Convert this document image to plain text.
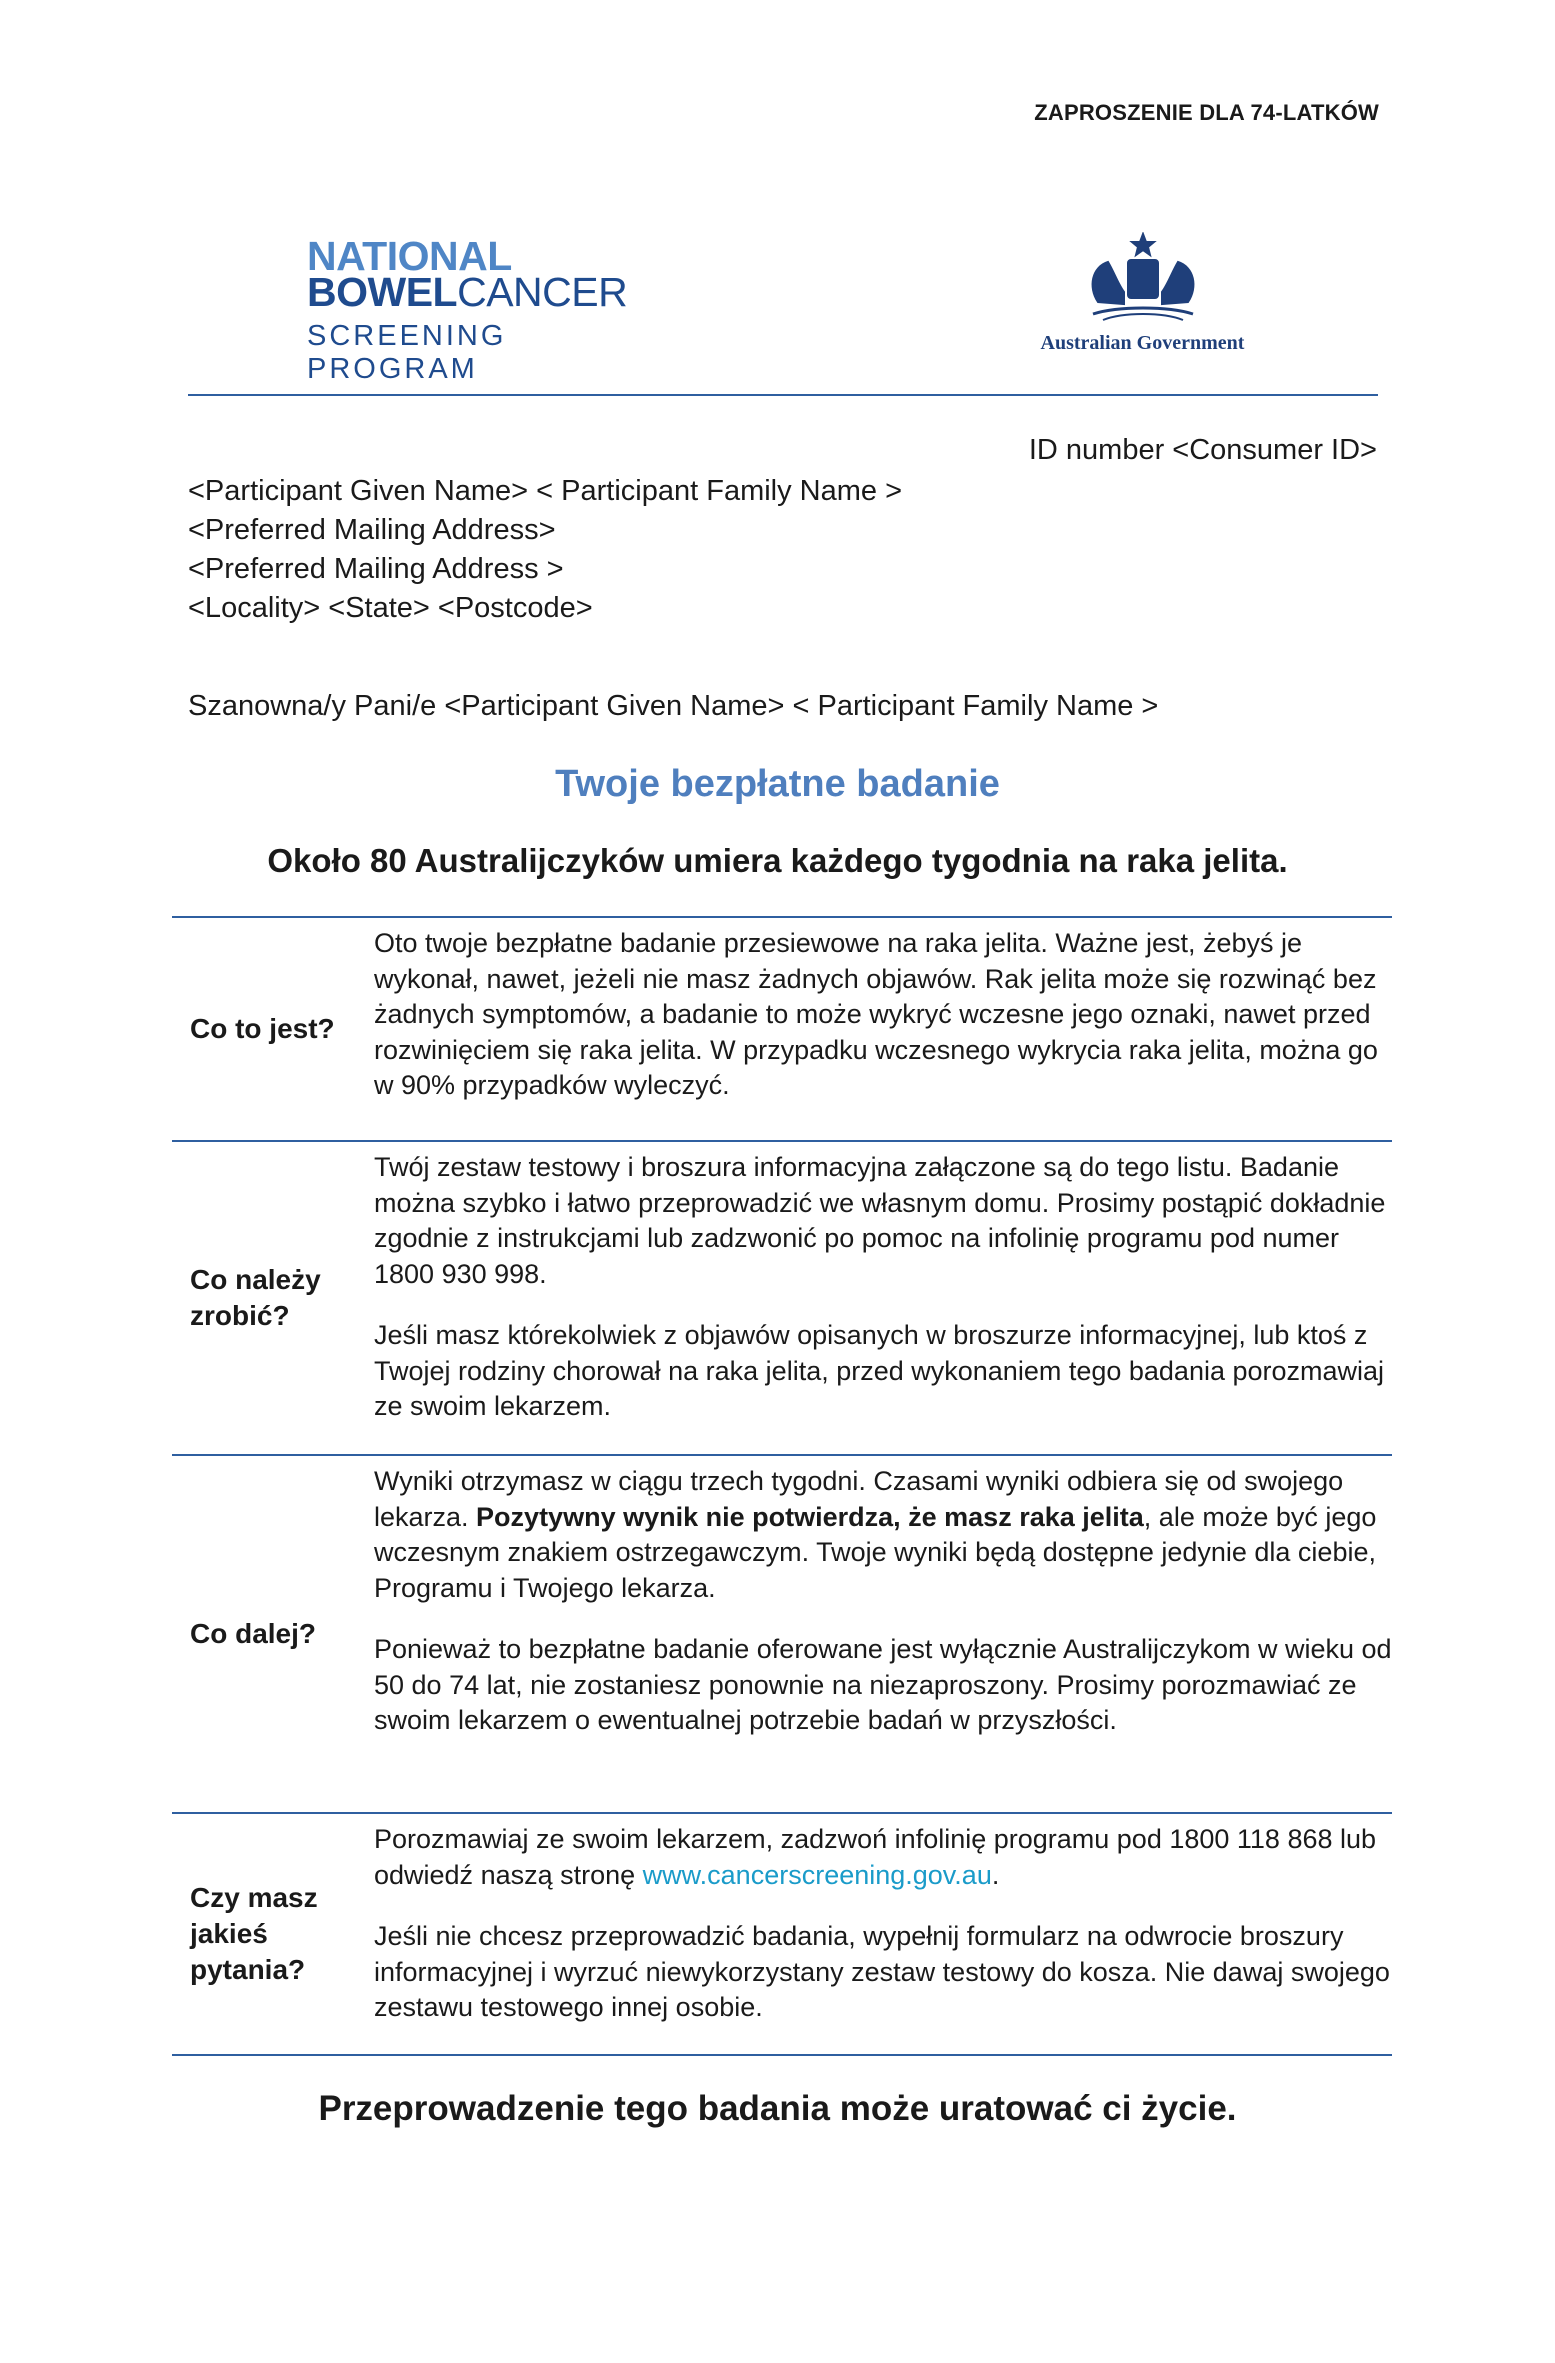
ZAPROSZENIE DLA 74-LATKÓW
NATIONAL
BOWELCANCER
SCREENING PROGRAM
Australian Government
ID number <Consumer ID>
<Participant Given Name> < Participant Family Name >
<Preferred Mailing Address>
<Preferred Mailing Address >
<Locality> <State> <Postcode>
Szanowna/y Pani/e <Participant Given Name> < Participant Family Name >
Twoje bezpłatne badanie
Około 80 Australijczyków umiera każdego tygodnia na raka jelita.
Co to jest?

Oto twoje bezpłatne badanie przesiewowe na raka jelita. Ważne jest, żebyś je wykonał, nawet, jeżeli nie masz żadnych objawów. Rak jelita może się rozwinąć bez żadnych symptomów, a badanie to może wykryć wczesne jego oznaki, nawet przed rozwinięciem się raka jelita. W przypadku wczesnego wykrycia raka jelita, można go w 90% przypadków wyleczyć.

Co należy zrobić?

Twój zestaw testowy i broszura informacyjna załączone są do tego listu. Badanie można szybko i łatwo przeprowadzić we własnym domu. Prosimy postąpić dokładnie zgodnie z instrukcjami lub zadzwonić po pomoc na infolinię programu pod numer 1800 930 998.

Jeśli masz którekolwiek z objawów opisanych w broszurze informacyjnej, lub ktoś z Twojej rodziny chorował na raka jelita, przed wykonaniem tego badania porozmawiaj ze swoim lekarzem.

Co dalej?

Wyniki otrzymasz w ciągu trzech tygodni. Czasami wyniki odbiera się od swojego lekarza. Pozytywny wynik nie potwierdza, że masz raka jelita, ale może być jego wczesnym znakiem ostrzegawczym. Twoje wyniki będą dostępne jedynie dla ciebie, Programu i Twojego lekarza.

Ponieważ to bezpłatne badanie oferowane jest wyłącznie Australijczykom w wieku od 50 do 74 lat, nie zostaniesz ponownie na niezaproszony. Prosimy porozmawiać ze swoim lekarzem o ewentualnej potrzebie badań w przyszłości.

Czy masz jakieś pytania?

Porozmawiaj ze swoim lekarzem, zadzwoń infolinię programu pod 1800 118 868 lub odwiedź naszą stronę www.cancerscreening.gov.au.

Jeśli nie chcesz przeprowadzić badania, wypełnij formularz na odwrocie broszury informacyjnej i wyrzuć niewykorzystany zestaw testowy do kosza. Nie dawaj swojego zestawu testowego innej osobie.

Przeprowadzenie tego badania może uratować ci życie.
